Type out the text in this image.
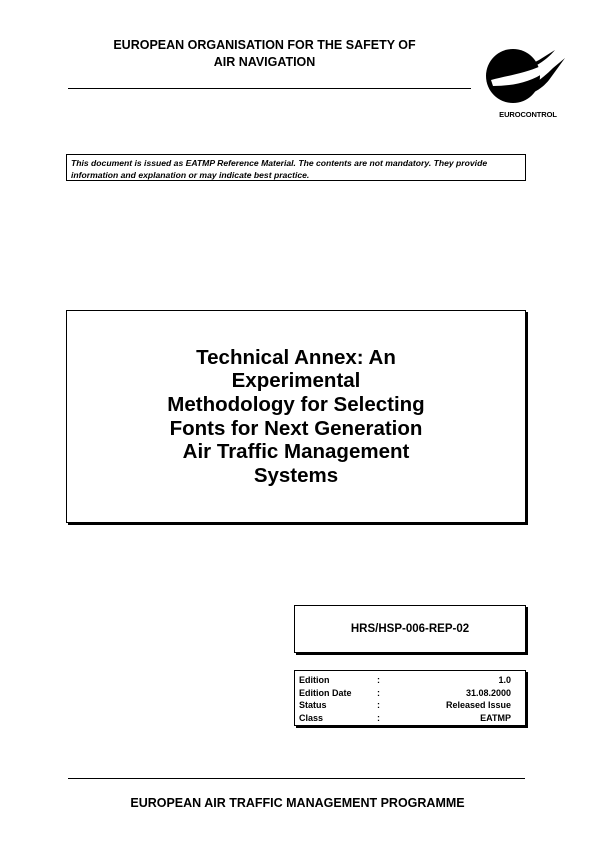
EUROPEAN ORGANISATION FOR THE SAFETY OF
AIR NAVIGATION
EUROCONTROL
This document is issued as EATMP Reference Material. The contents are not mandatory. They provide information and explanation or may indicate best practice.
Technical Annex: An
Experimental
Methodology for Selecting
Fonts for Next Generation
Air Traffic Management
Systems
HRS/HSP-006-REP-02
Edition	:	1.0
Edition Date	:	31.08.2000
Status	:	Released Issue
Class	:	EATMP
EUROPEAN AIR TRAFFIC MANAGEMENT PROGRAMME
